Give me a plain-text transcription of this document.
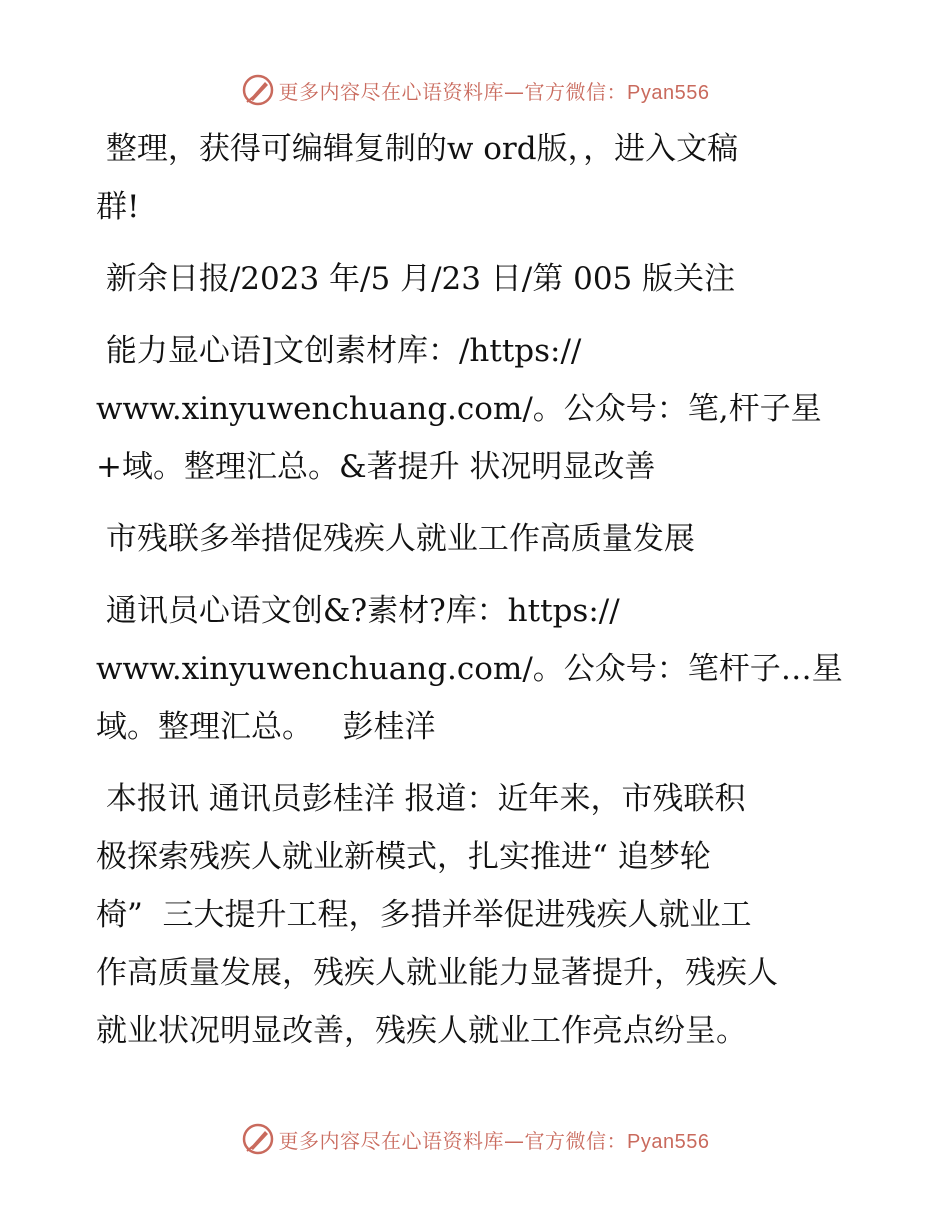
更多内容尽在心语资料库—官方微信：Pyan556

整理，获得可编辑复制的w ord版，，进入文稿
群!

新余日报/2023 年/5 月/23 日/第 005 版关注

能力显心语]文创素材库：/https://
www.xinyuwenchuang.com/。公众号：笔,杆子星
+域。整理汇总。&著提升 状况明显改善

市残联多举措促残疾人就业工作高质量发展

通讯员心语文创&?素材?库：https://
www.xinyuwenchuang.com/。公众号：笔杆子…星
域。整理汇总。   彭桂洋

本报讯 通讯员彭桂洋 报道：近年来，市残联积
极探索残疾人就业新模式，扎实推进“ 追梦轮
椅”  三大提升工程，多措并举促进残疾人就业工
作高质量发展，残疾人就业能力显著提升，残疾人
就业状况明显改善，残疾人就业工作亮点纷呈。

更多内容尽在心语资料库—官方微信：Pyan556
